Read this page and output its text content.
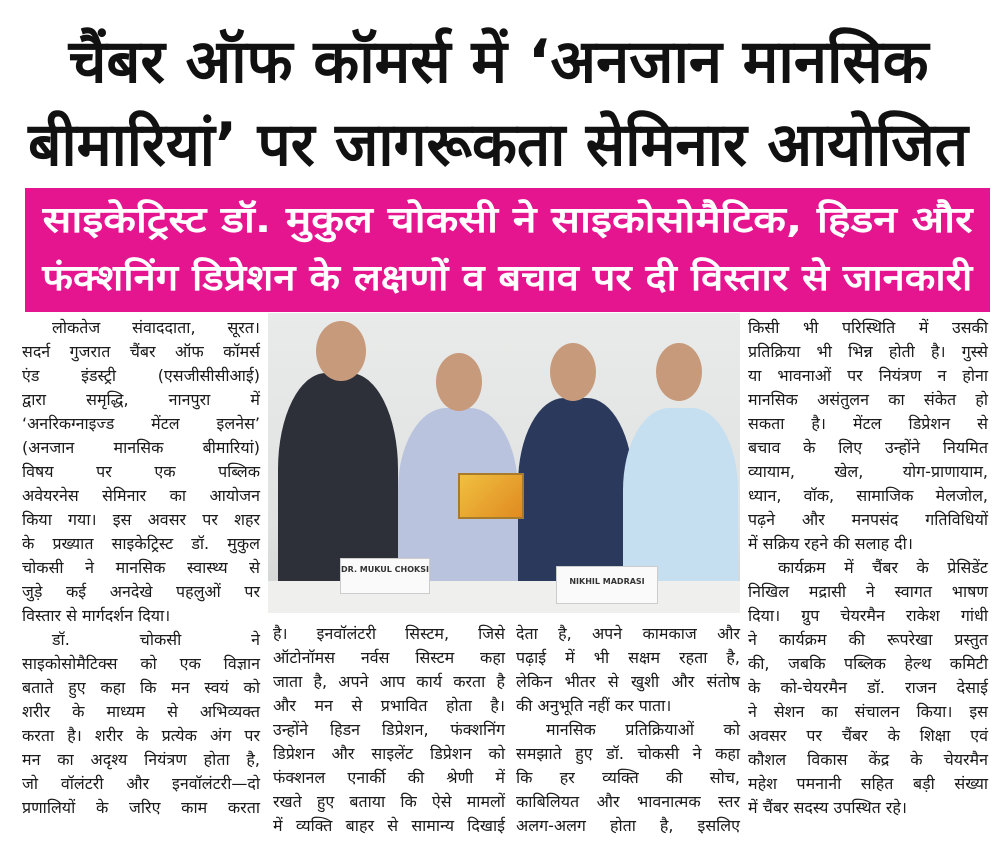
चैंबर ऑफ कॉमर्स में ‘अनजान मानसिक
बीमारियां’ पर जागरूकता सेमिनार आयोजित
साइकेट्रिस्ट डॉ. मुकुल चोकसी ने साइकोसोमैटिक, हिडन और
फंक्शनिंग डिप्रेशन के लक्षणों व बचाव पर दी विस्तार से जानकारी
DR. MUKUL CHOKSI
NIKHIL MADRASI
लोकतेज संवाददाता, सूरत।
सदर्न गुजरात चैंबर ऑफ कॉमर्स
एंड इंडस्ट्री (एसजीसीसीआई)
द्वारा समृद्धि, नानपुरा में
‘अनरिकग्नाइज्ड मेंटल इलनेस’
(अनजान मानसिक बीमारियां)
विषय पर एक पब्लिक
अवेयरनेस सेमिनार का आयोजन
किया गया। इस अवसर पर शहर
के प्रख्यात साइकेट्रिस्ट डॉ. मुकुल
चोकसी ने मानसिक स्वास्थ्य से
जुड़े कई अनदेखे पहलुओं पर
विस्तार से मार्गदर्शन दिया।
डॉ. चोकसी ने
साइकोसोमैटिक्स को एक विज्ञान
बताते हुए कहा कि मन स्वयं को
शरीर के माध्यम से अभिव्यक्त
करता है। शरीर के प्रत्येक अंग पर
मन का अदृश्य नियंत्रण होता है,
जो वॉलंटरी और इनवॉलंटरी—दो
प्रणालियों के जरिए काम करता
है। इनवॉलंटरी सिस्टम, जिसे
ऑटोनॉमस नर्वस सिस्टम कहा
जाता है, अपने आप कार्य करता है
और मन से प्रभावित होता है।
उन्होंने हिडन डिप्रेशन, फंक्शनिंग
डिप्रेशन और साइलेंट डिप्रेशन को
फंक्शनल एनार्की की श्रेणी में
रखते हुए बताया कि ऐसे मामलों
में व्यक्ति बाहर से सामान्य दिखाई
देता है, अपने कामकाज और
पढ़ाई में भी सक्षम रहता है,
लेकिन भीतर से खुशी और संतोष
की अनुभूति नहीं कर पाता।
मानसिक प्रतिक्रियाओं को
समझाते हुए डॉ. चोकसी ने कहा
कि हर व्यक्ति की सोच,
काबिलियत और भावनात्मक स्तर
अलग-अलग होता है, इसलिए
किसी भी परिस्थिति में उसकी
प्रतिक्रिया भी भिन्न होती है। गुस्से
या भावनाओं पर नियंत्रण न होना
मानसिक असंतुलन का संकेत हो
सकता है। मेंटल डिप्रेशन से
बचाव के लिए उन्होंने नियमित
व्यायाम, खेल, योग-प्राणायाम,
ध्यान, वॉक, सामाजिक मेलजोल,
पढ़ने और मनपसंद गतिविधियों
में सक्रिय रहने की सलाह दी।
कार्यक्रम में चैंबर के प्रेसिडेंट
निखिल मद्रासी ने स्वागत भाषण
दिया। ग्रुप चेयरमैन राकेश गांधी
ने कार्यक्रम की रूपरेखा प्रस्तुत
की, जबकि पब्लिक हेल्थ कमिटी
के को-चेयरमैन डॉ. राजन देसाई
ने सेशन का संचालन किया। इस
अवसर पर चैंबर के शिक्षा एवं
कौशल विकास केंद्र के चेयरमैन
महेश पमनानी सहित बड़ी संख्या
में चैंबर सदस्य उपस्थित रहे।
